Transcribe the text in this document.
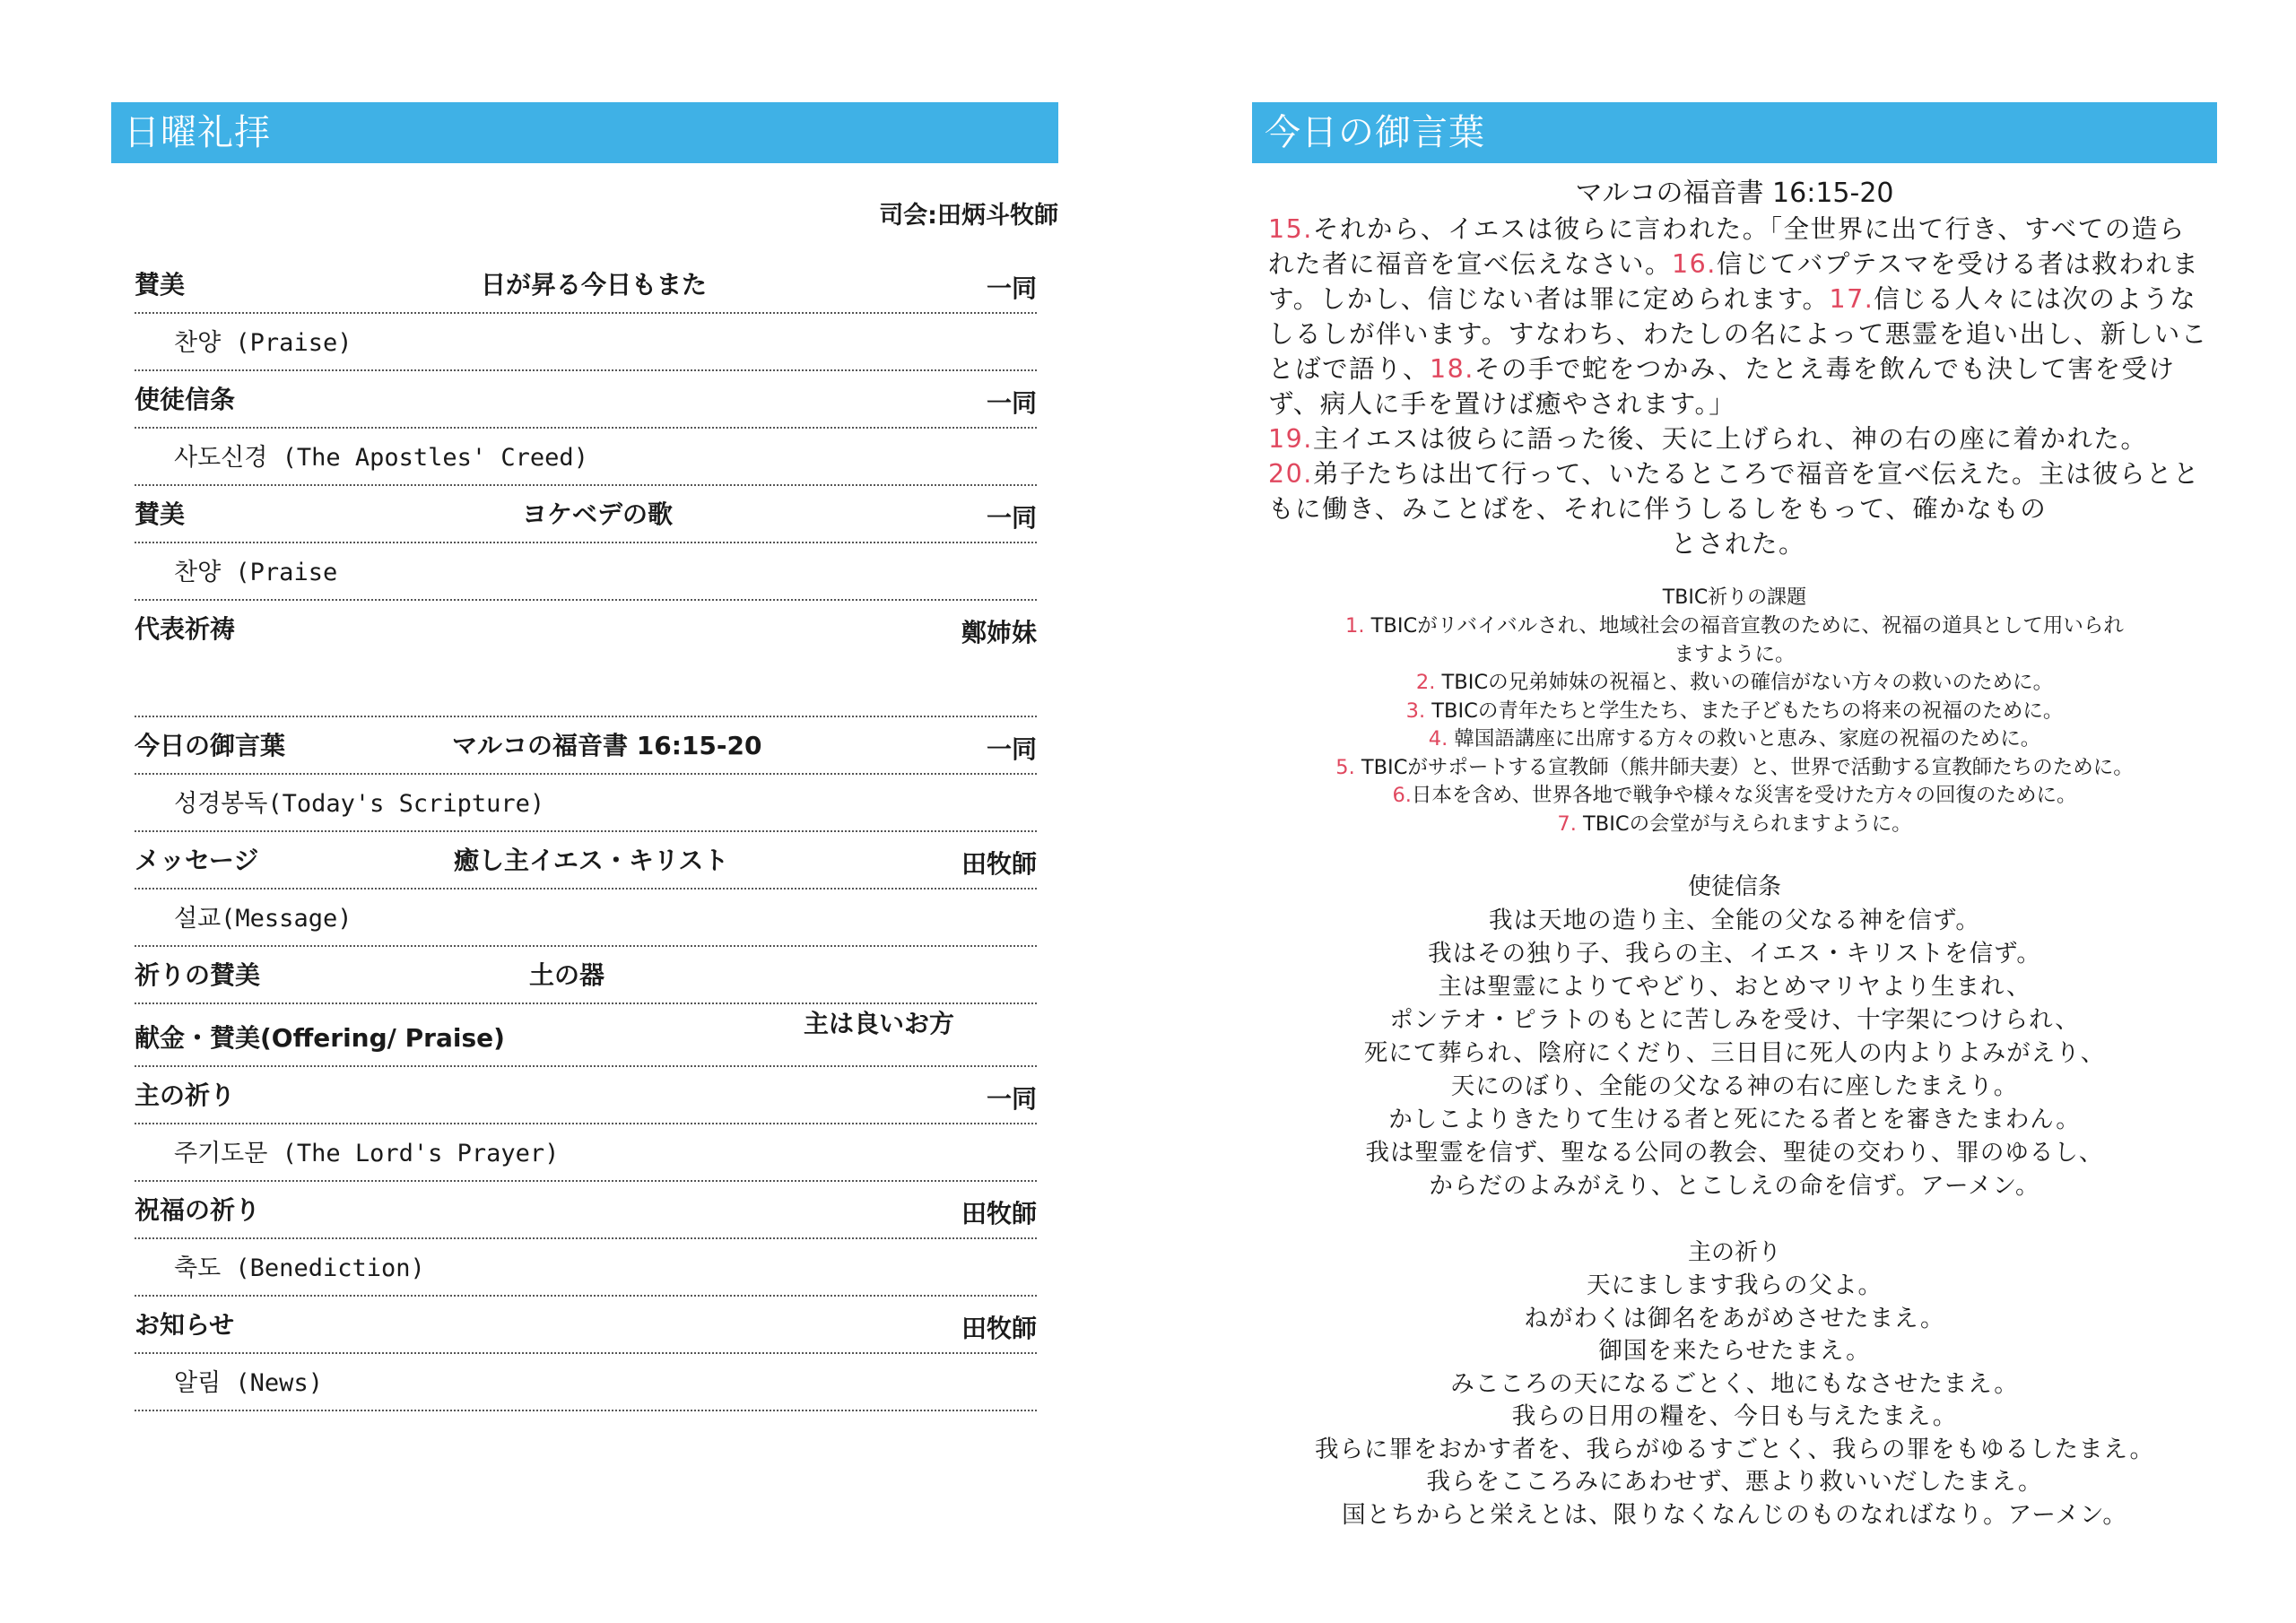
日曜礼拝
司会:田炳斗牧師
賛美	日が昇る今日もまた	一同
찬양 (Praise)
使徒信条	一同
사도신경 (The Apostles' Creed)
賛美	ヨケベデの歌	一同
찬양 (Praise
代表祈祷	鄭姉妹
今日の御言葉	マルコの福音書 16:15-20	一同
성경봉독(Today's Scripture)
メッセージ	癒し主イエス・キリスト	田牧師
설교(Message)
祈りの賛美	土の器
献金・賛美(Offering/ Praise)	主は良いお方
主の祈り	一同
주기도문 (The Lord's Prayer)
祝福の祈り	田牧師
축도 (Benediction)
お知らせ	田牧師
알림 (News)
今日の御言葉
マルコの福音書 16:15-20
15.それから、イエスは彼らに言われた。「全世界に出て行き、すべての造られた者に福音を宣べ伝えなさい。16.信じてバプテスマを受ける者は救われます。しかし、信じない者は罪に定められます。17.信じる人々には次のようなしるしが伴います。すなわち、わたしの名によって悪霊を追い出し、新しいことばで語り、18.その手で蛇をつかみ、たとえ毒を飲んでも決して害を受けず、病人に手を置けば癒やされます。」
19.主イエスは彼らに語った後、天に上げられ、神の右の座に着かれた。
20.弟子たちは出て行って、いたるところで福音を宣べ伝えた。主は彼らとともに働き、みことばを、それに伴うしるしをもって、確かなもの
とされた。
TBIC祈りの課題
1. TBICがリバイバルされ、地域社会の福音宣教のために、祝福の道具として用いられ
ますように。
2. TBICの兄弟姉妹の祝福と、救いの確信がない方々の救いのために。
3. TBICの青年たちと学生たち、また子どもたちの将来の祝福のために。
4. 韓国語講座に出席する方々の救いと恵み、家庭の祝福のために。
5. TBICがサポートする宣教師（熊井師夫妻）と、世界で活動する宣教師たちのために。
6.日本を含め、世界各地で戦争や様々な災害を受けた方々の回復のために。
7. TBICの会堂が与えられますように。
使徒信条
我は天地の造り主、全能の父なる神を信ず。
我はその独り子、我らの主、イエス・キリストを信ず。
主は聖霊によりてやどり、おとめマリヤより生まれ、
ポンテオ・ピラトのもとに苦しみを受け、十字架につけられ、
死にて葬られ、陰府にくだり、三日目に死人の内よりよみがえり、
天にのぼり、全能の父なる神の右に座したまえり。
かしこよりきたりて生ける者と死にたる者とを審きたまわん。
我は聖霊を信ず、聖なる公同の教会、聖徒の交わり、罪のゆるし、
からだのよみがえり、とこしえの命を信ず。アーメン。
主の祈り
天にまします我らの父よ。
ねがわくは御名をあがめさせたまえ。
御国を来たらせたまえ。
みこころの天になるごとく、地にもなさせたまえ。
我らの日用の糧を、今日も与えたまえ。
我らに罪をおかす者を、我らがゆるすごとく、我らの罪をもゆるしたまえ。
我らをこころみにあわせず、悪より救いいだしたまえ。
国とちからと栄えとは、限りなくなんじのものなればなり。アーメン。
